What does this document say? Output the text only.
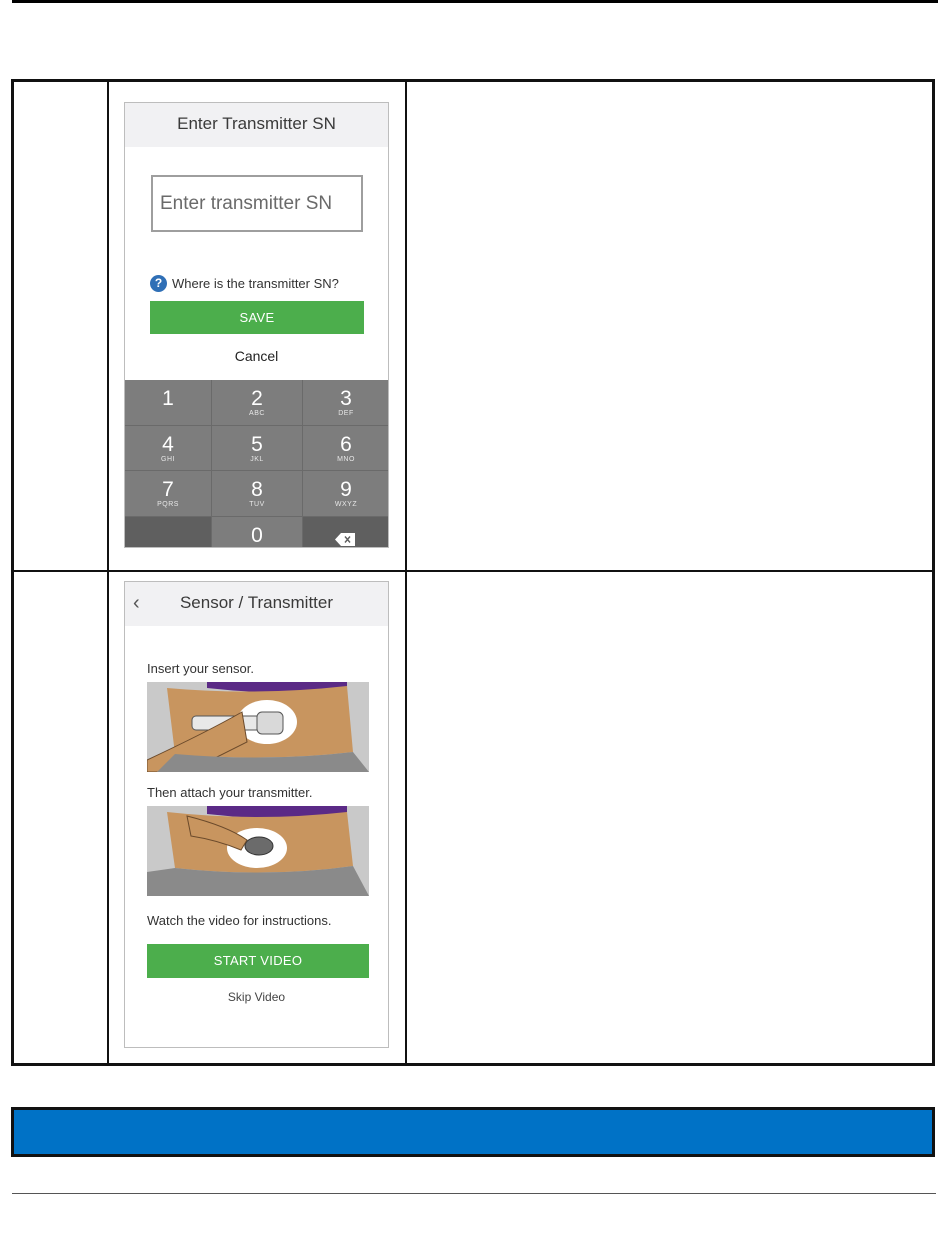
Enter Transmitter SN
Enter transmitter SN
? Where is the transmitter SN?
SAVE
Cancel
1	2
ABC
3
DEF
4
GHI
5
JKL
6
MNO
7
PQRS
8
TUV
9
WXYZ
0
‹	Sensor / Transmitter
Insert your sensor.
Then attach your transmitter.
Watch the video for instructions.
START VIDEO
Skip Video
